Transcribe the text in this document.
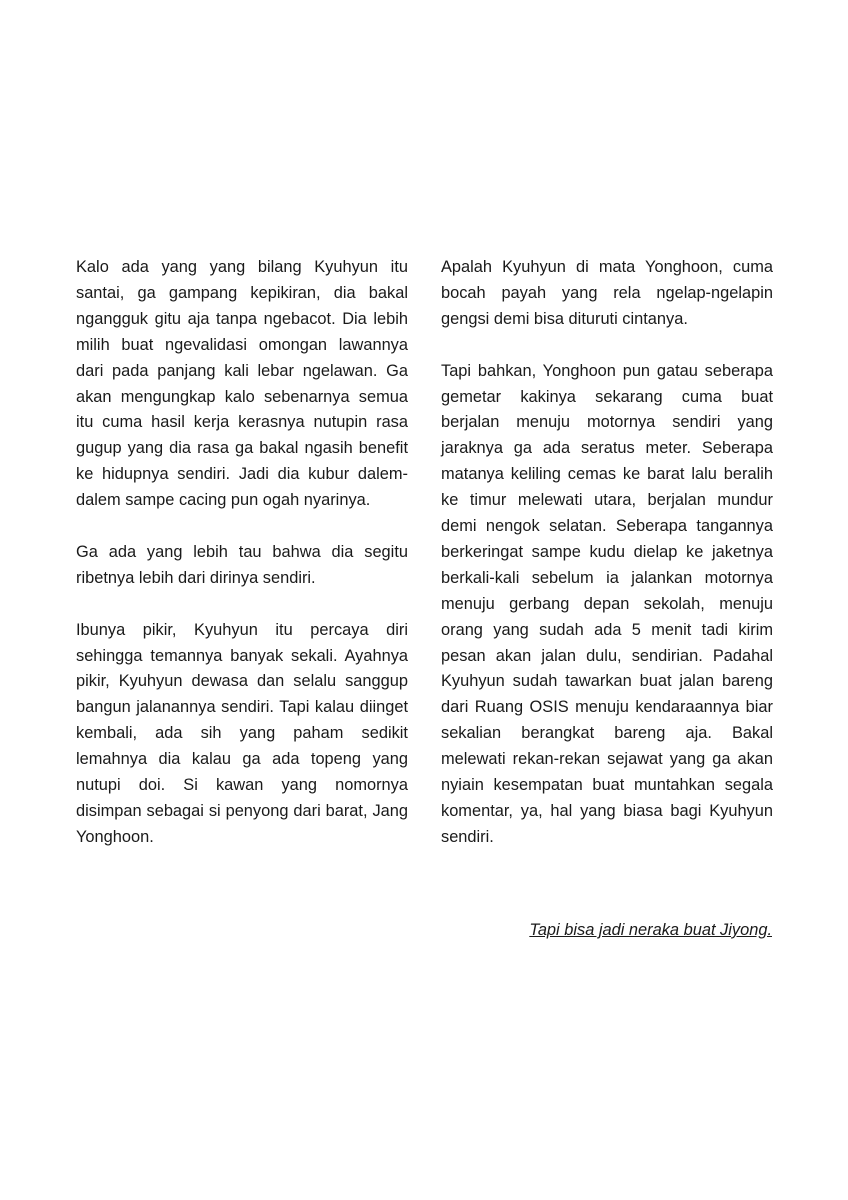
Kalo ada yang yang bilang Kyuhyun itu santai, ga gampang kepikiran, dia bakal ngangguk gitu aja tanpa ngebacot. Dia lebih milih buat ngevalidasi omongan lawannya dari pada panjang kali lebar ngelawan. Ga akan mengungkap kalo sebenarnya semua itu cuma hasil kerja kerasnya nutupin rasa gugup yang dia rasa ga bakal ngasih benefit ke hidupnya sendiri. Jadi dia kubur dalem-dalem sampe cacing pun ogah nyarinya.

Ga ada yang lebih tau bahwa dia segitu ribetnya lebih dari dirinya sendiri.

Ibunya pikir, Kyuhyun itu percaya diri sehingga temannya banyak sekali. Ayahnya pikir, Kyuhyun dewasa dan selalu sanggup bangun jalanannya sendiri. Tapi kalau diinget kembali, ada sih yang paham sedikit lemahnya dia kalau ga ada topeng yang nutupi doi. Si kawan yang nomornya disimpan sebagai si penyong dari barat, Jang Yonghoon.

Apalah Kyuhyun di mata Yonghoon, cuma bocah payah yang rela ngelap-ngelapin gengsi demi bisa dituruti cintanya.

Tapi bahkan, Yonghoon pun gatau seberapa gemetar kakinya sekarang cuma buat berjalan menuju motornya sendiri yang jaraknya ga ada seratus meter. Seberapa matanya keliling cemas ke barat lalu beralih ke timur melewati utara, berjalan mundur demi nengok selatan. Seberapa tangannya berkeringat sampe kudu dielap ke jaketnya berkali-kali sebelum ia jalankan motornya menuju gerbang depan sekolah, menuju orang yang sudah ada 5 menit tadi kirim pesan akan jalan dulu, sendirian. Padahal Kyuhyun sudah tawarkan buat jalan bareng dari Ruang OSIS menuju kendaraannya biar sekalian berangkat bareng aja. Bakal melewati rekan-rekan sejawat yang ga akan nyiain kesempatan buat muntahkan segala komentar, ya, hal yang biasa bagi Kyuhyun sendiri.

Tapi bisa jadi neraka buat Jiyong.
